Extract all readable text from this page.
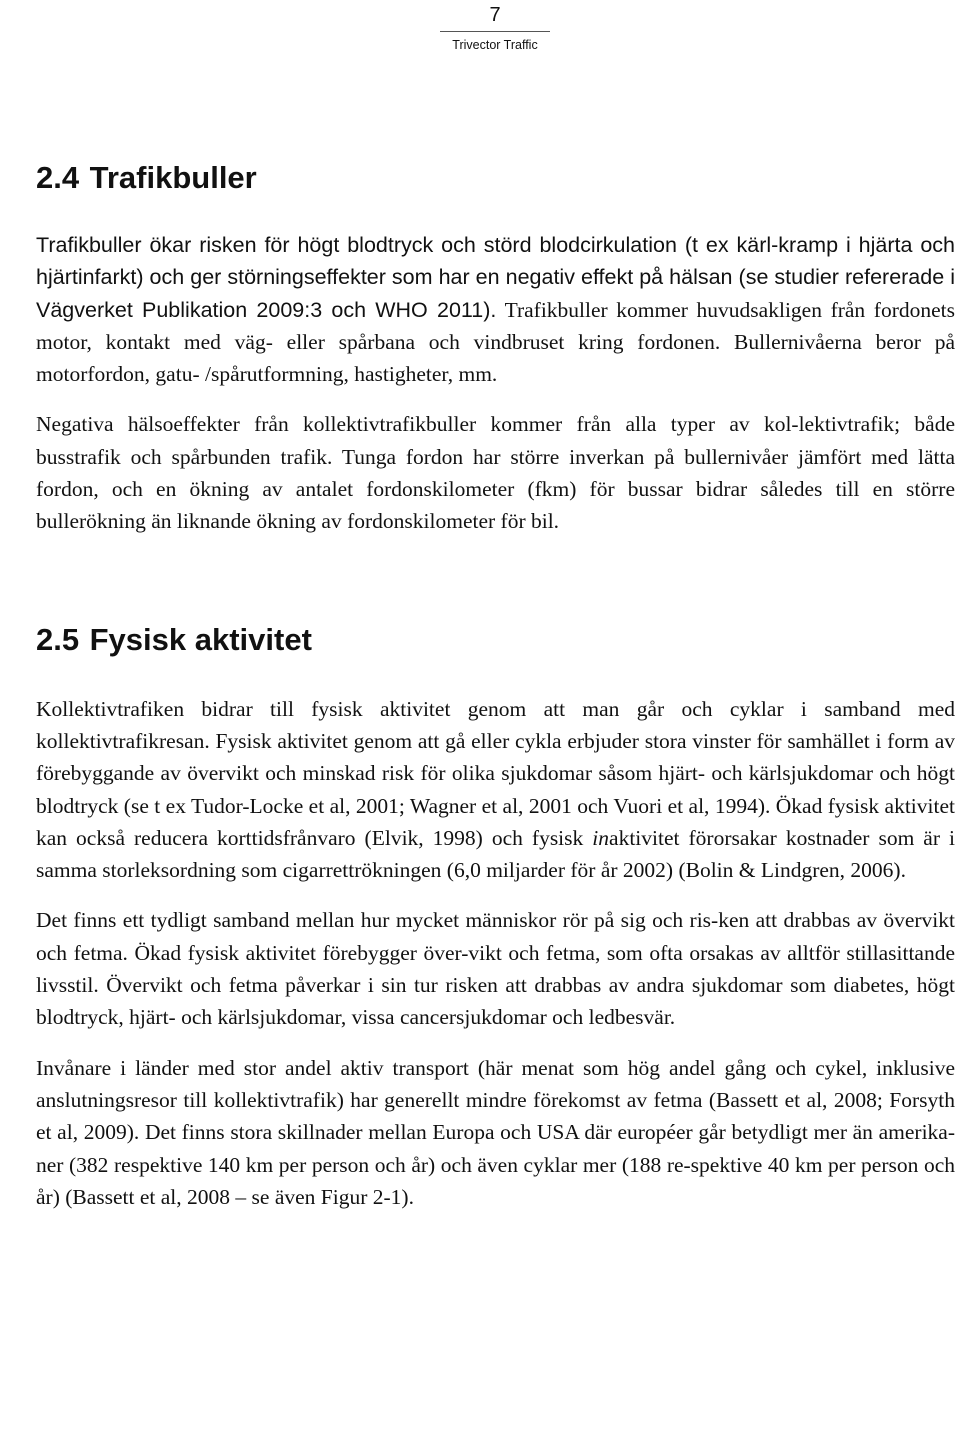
7
Trivector Traffic
2.4 Trafikbuller

Trafikbuller ökar risken för högt blodtryck och störd blodcirkulation (t ex kärl-kramp i hjärta och hjärtinfarkt) och ger störningseffekter som har en negativ effekt på hälsan (se studier refererade i Vägverket Publikation 2009:3 och WHO 2011). Trafikbuller kommer huvudsakligen från fordonets motor, kontakt med väg- eller spårbana och vindbruset kring fordonen. Bullernivåerna beror på motorfordon, gatu- /spårutformning, hastigheter, mm.

Negativa hälsoeffekter från kollektivtrafikbuller kommer från alla typer av kol-lektivtrafik; både busstrafik och spårbunden trafik. Tunga fordon har större inverkan på bullernivåer jämfört med lätta fordon, och en ökning av antalet fordonskilometer (fkm) för bussar bidrar således till en större bullerökning än liknande ökning av fordonskilometer för bil.

2.5 Fysisk aktivitet

Kollektivtrafiken bidrar till fysisk aktivitet genom att man går och cyklar i samband med kollektivtrafikresan. Fysisk aktivitet genom att gå eller cykla erbjuder stora vinster för samhället i form av förebyggande av övervikt och minskad risk för olika sjukdomar såsom hjärt- och kärlsjukdomar och högt blodtryck (se t ex Tudor-Locke et al, 2001; Wagner et al, 2001 och Vuori et al, 1994). Ökad fysisk aktivitet kan också reducera korttidsfrånvaro (Elvik, 1998) och fysisk inaktivitet förorsakar kostnader som är i samma storleksordning som cigarrettrökningen (6,0 miljarder för år 2002) (Bolin & Lindgren, 2006).

Det finns ett tydligt samband mellan hur mycket människor rör på sig och ris-ken att drabbas av övervikt och fetma. Ökad fysisk aktivitet förebygger över-vikt och fetma, som ofta orsakas av alltför stillasittande livsstil. Övervikt och fetma påverkar i sin tur risken att drabbas av andra sjukdomar som diabetes, högt blodtryck, hjärt- och kärlsjukdomar, vissa cancersjukdomar och ledbesvär.

Invånare i länder med stor andel aktiv transport (här menat som hög andel gång och cykel, inklusive anslutningsresor till kollektivtrafik) har generellt mindre förekomst av fetma (Bassett et al, 2008; Forsyth et al, 2009). Det finns stora skillnader mellan Europa och USA där européer går betydligt mer än amerika-ner (382 respektive 140 km per person och år) och även cyklar mer (188 re-spektive 40 km per person och år) (Bassett et al, 2008 – se även Figur 2-1).
